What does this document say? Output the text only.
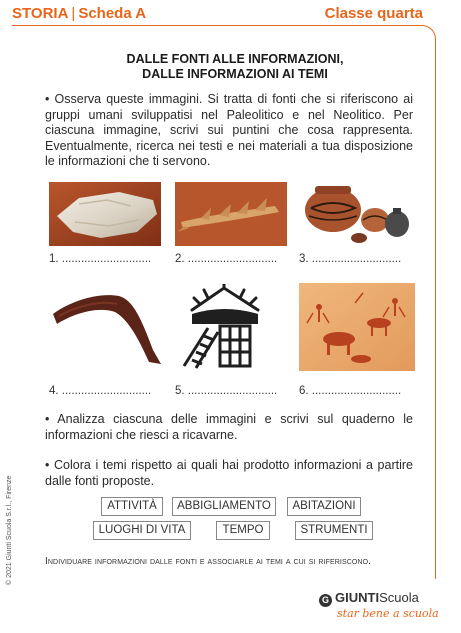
STORIA | Scheda A	Classe quarta
DALLE FONTI ALLE INFORMAZIONI,
DALLE INFORMAZIONI AI TEMI
• Osserva queste immagini. Si tratta di fonti che si riferiscono ai gruppi umani sviluppatisi nel Paleolitico e nel Neolitico. Per ciascuna immagine, scrivi sui puntini che cosa rappresenta. Eventualmente, ricerca nei testi e nei materiali a tua disposizione le informazioni che ti servono.
1. ............................ 2. ............................ 3. ............................
4. ............................ 5. ............................ 6. ............................
• Analizza ciascuna delle immagini e scrivi sul quaderno le informazioni che riesci a ricavarne.
• Colora i temi rispetto ai quali hai prodotto informazioni a partire dalle fonti proposte.
ATTIVITÀ	ABBIGLIAMENTO	ABITAZIONI
LUOGHI DI VITA	TEMPO	STRUMENTI
Individuare informazioni dalle fonti e associarle ai temi a cui si riferiscono.
© 2021 Giunti Scuola S.r.l., Firenze
G GIUNTIScuola
star bene a scuola
